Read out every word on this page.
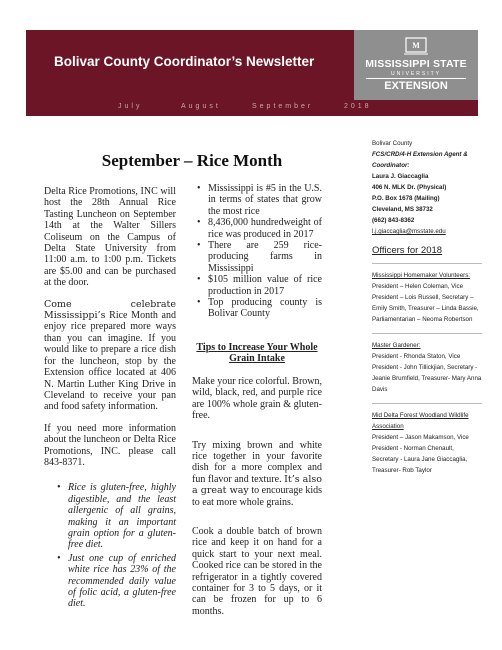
Bolivar County Coordinator’s Newsletter
M
MISSISSIPPI STATE
UNIVERSITY
EXTENSION
July	August	September	2018
September – Rice Month

Delta Rice Promotions, INC will host the 28th Annual Rice Tasting Luncheon on September 14th at the Walter Sillers Coliseum on the Campus of Delta State University from 11:00 a.m. to 1:00 p.m. Tickets are $5.00 and can be purchased at the door.

Come celebrate Mississippi’s Rice Month and enjoy rice prepared more ways than you can imagine. If you would like to prepare a rice dish for the luncheon, stop by the Extension office located at 406 N. Martin Luther King Drive in Cleveland to receive your pan and food safety information.

If you need more information about the luncheon or Delta Rice Promotions, INC. please call 843-8371.

• Rice is gluten-free, highly digestible, and the least allergenic of all grains, making it an important grain option for a gluten-free diet.
• Just one cup of enriched white rice has 23% of the recommended daily value of folic acid, a gluten-free diet.
• Mississippi is #5 in the U.S. in terms of states that grow the most rice
• 8,436,000 hundredweight of rice was produced in 2017
• There are 259 rice-producing farms in Mississippi
• $105 million value of rice production in 2017
• Top producing county is Bolivar County
Tips to Increase Your Whole Grain Intake

Make your rice colorful. Brown, wild, black, red, and purple rice are 100% whole grain & gluten-free.

Try mixing brown and white rice together in your favorite dish for a more complex and fun flavor and texture. It’s also a great way to encourage kids to eat more whole grains.

Cook a double batch of brown rice and keep it on hand for a quick start to your next meal. Cooked rice can be stored in the refrigerator in a tightly covered container for 3 to 5 days, or it can be frozen for up to 6 months.

Bolivar County
FCS/CRD/4-H Extension Agent & Coordinator:
Laura J. Giaccaglia
406 N. MLK Dr. (Physical)
P.O. Box 1678 (Mailing)
Cleveland, MS 38732
(662) 843-8362
l.j.giaccaglia@msstate.edu
Officers for 2018
Mississippi Homemaker Volunteers: President – Helen Coleman, Vice President – Lois Russell, Secretary – Emily Smith, Treasurer – Linda Bassie, Parliamentarian – Neoma Robertson
Master Gardener:
President - Rhonda Staton, Vice President - John Tillickjian, Secretary - Jeanie Brumfield, Treasurer- Mary Anna Davis
Mid Delta Forest Woodland Wildlife Association
President – Jason Makamson, Vice President - Norman Chenault, Secretary - Laura Jane Giaccaglia, Treasurer- Rob Taylor
